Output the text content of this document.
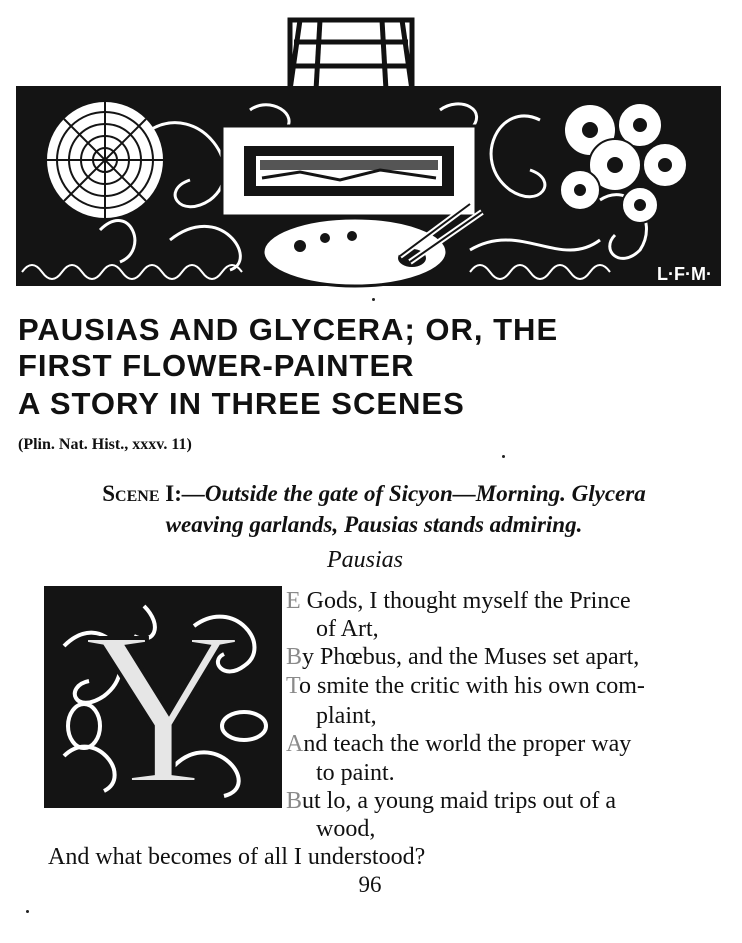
L·F·M·
PAUSIAS AND GLYCERA; OR, THE
FIRST FLOWER-PAINTER
A STORY IN THREE SCENES

(Plin. Nat. Hist., xxxv. 11)

Scene I:—Outside the gate of Sicyon—Morning. Glycera
weaving garlands, Pausias stands admiring.

Pausias

Y E Gods, I thought myself the Prince

of Art,

By Phœbus, and the Muses set apart,

To smite the critic with his own com-

plaint,

And teach the world the proper way

to paint.

But lo, a young maid trips out of a

wood,

And what becomes of all I understood?

96
